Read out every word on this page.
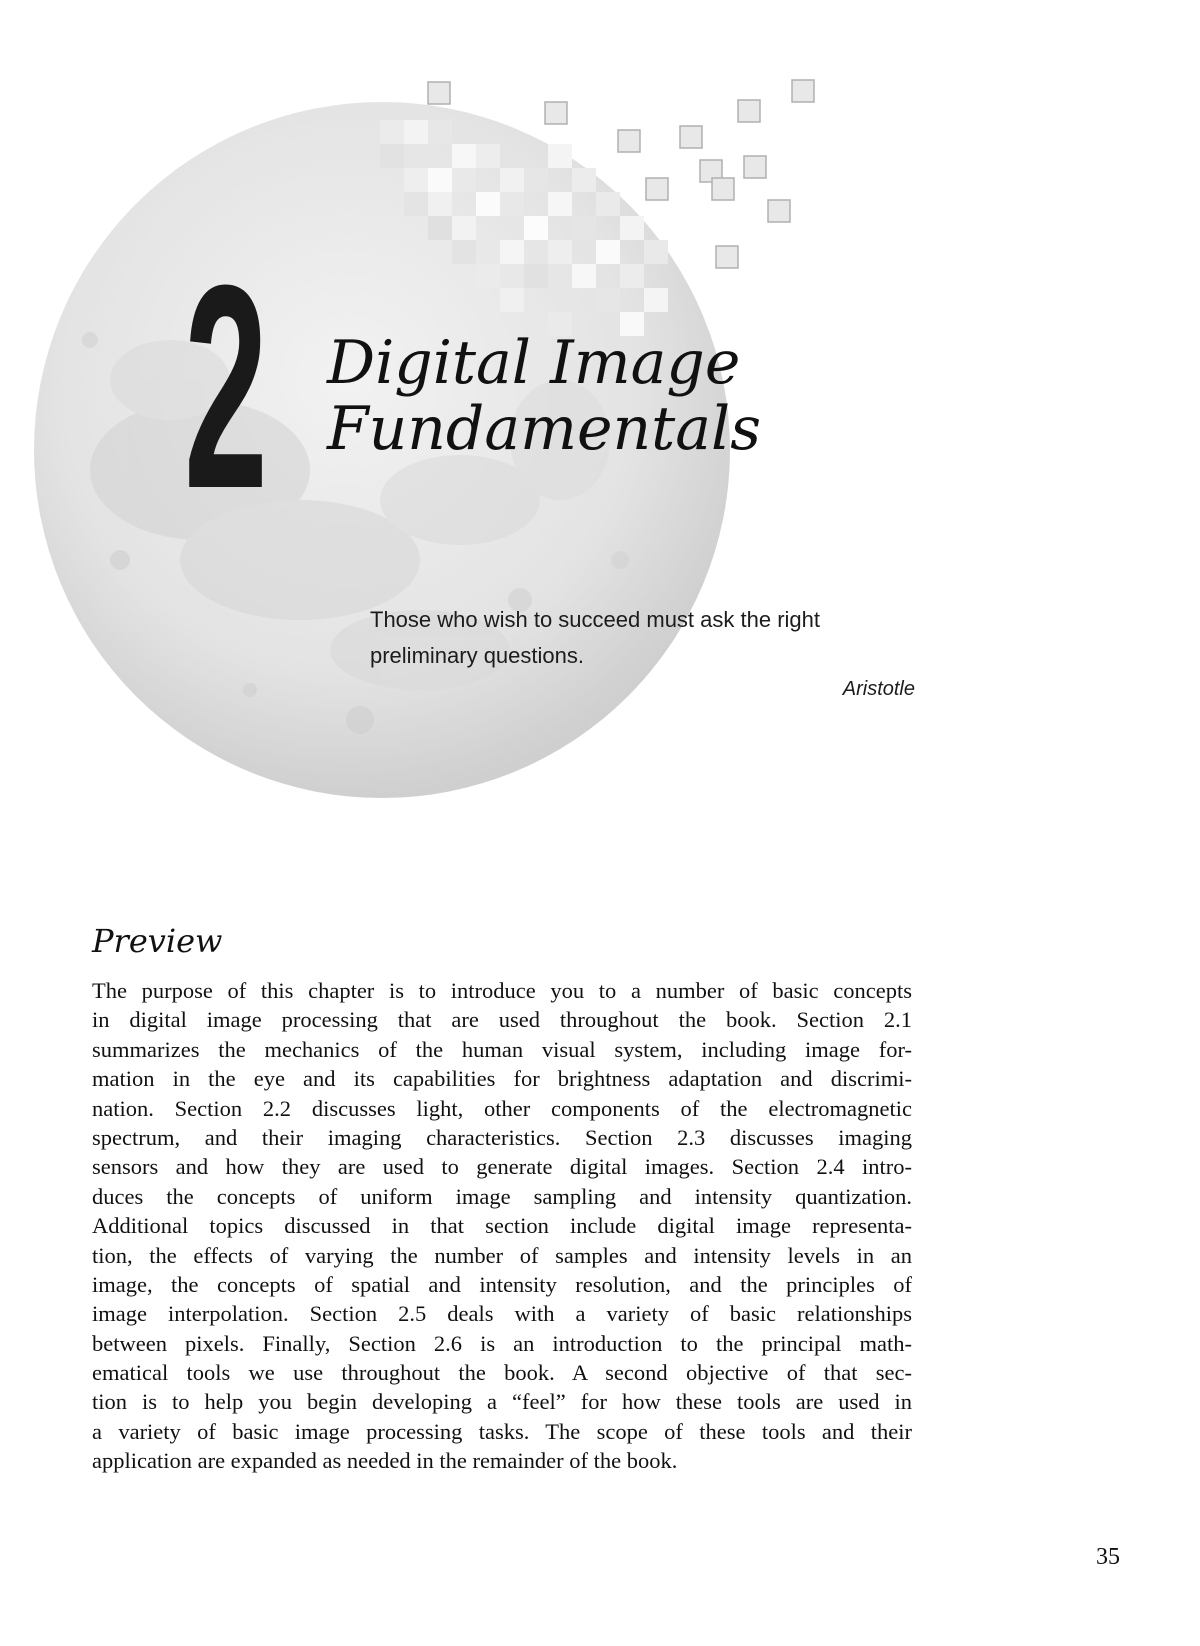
2 Digital Image
Fundamentals
Those who wish to succeed must ask the right
preliminary questions.
Aristotle
Preview
The purpose of this chapter is to introduce you to a number of basic concepts
in digital image processing that are used throughout the book. Section 2.1
summarizes the mechanics of the human visual system, including image for-
mation in the eye and its capabilities for brightness adaptation and discrimi-
nation. Section 2.2 discusses light, other components of the electromagnetic
spectrum, and their imaging characteristics. Section 2.3 discusses imaging
sensors and how they are used to generate digital images. Section 2.4 intro-
duces the concepts of uniform image sampling and intensity quantization.
Additional topics discussed in that section include digital image representa-
tion, the effects of varying the number of samples and intensity levels in an
image, the concepts of spatial and intensity resolution, and the principles of
image interpolation. Section 2.5 deals with a variety of basic relationships
between pixels. Finally, Section 2.6 is an introduction to the principal math-
ematical tools we use throughout the book. A second objective of that sec-
tion is to help you begin developing a “feel” for how these tools are used in
a variety of basic image processing tasks. The scope of these tools and their
application are expanded as needed in the remainder of the book.
35
